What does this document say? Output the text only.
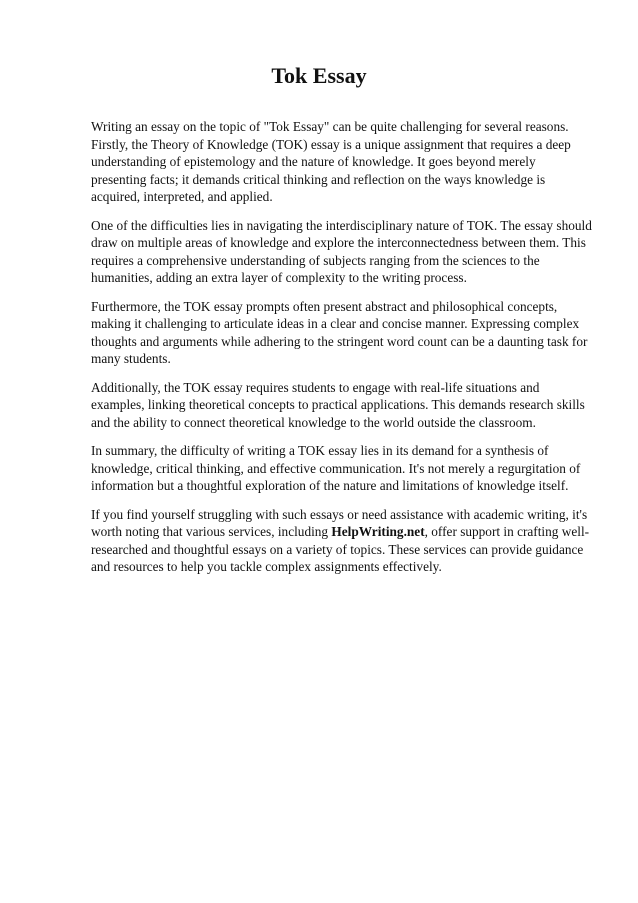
Tok Essay

Writing an essay on the topic of "Tok Essay" can be quite challenging for several reasons. Firstly, the Theory of Knowledge (TOK) essay is a unique assignment that requires a deep understanding of epistemology and the nature of knowledge. It goes beyond merely presenting facts; it demands critical thinking and reflection on the ways knowledge is acquired, interpreted, and applied.

One of the difficulties lies in navigating the interdisciplinary nature of TOK. The essay should draw on multiple areas of knowledge and explore the interconnectedness between them. This requires a comprehensive understanding of subjects ranging from the sciences to the humanities, adding an extra layer of complexity to the writing process.

Furthermore, the TOK essay prompts often present abstract and philosophical concepts, making it challenging to articulate ideas in a clear and concise manner. Expressing complex thoughts and arguments while adhering to the stringent word count can be a daunting task for many students.

Additionally, the TOK essay requires students to engage with real-life situations and examples, linking theoretical concepts to practical applications. This demands research skills and the ability to connect theoretical knowledge to the world outside the classroom.

In summary, the difficulty of writing a TOK essay lies in its demand for a synthesis of knowledge, critical thinking, and effective communication. It's not merely a regurgitation of information but a thoughtful exploration of the nature and limitations of knowledge itself.

If you find yourself struggling with such essays or need assistance with academic writing, it's worth noting that various services, including HelpWriting.net, offer support in crafting well-researched and thoughtful essays on a variety of topics. These services can provide guidance and resources to help you tackle complex assignments effectively.
